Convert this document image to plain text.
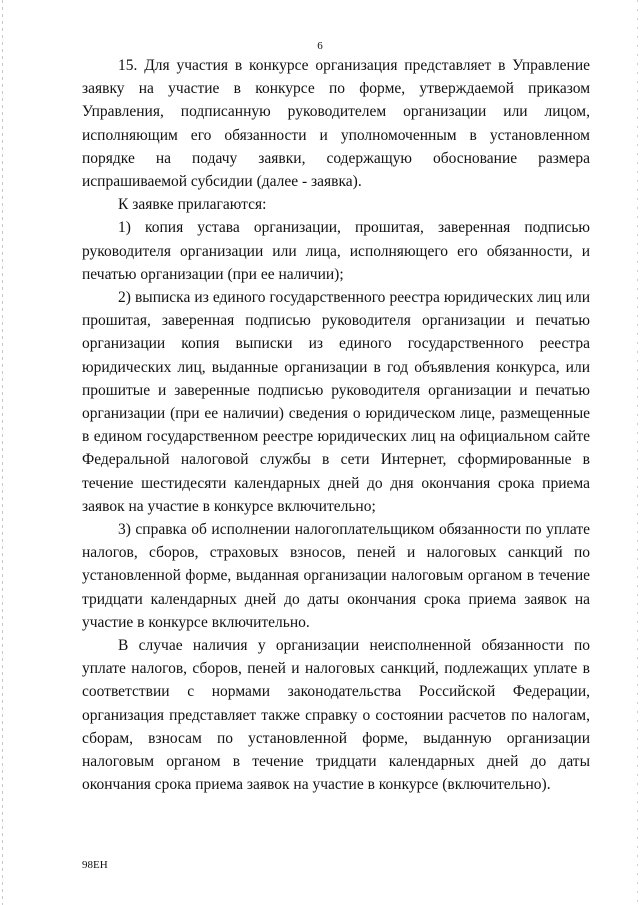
6

15. Для участия в конкурсе организация представляет в Управление заявку на участие в конкурсе по форме, утверждаемой приказом Управления, подписанную руководителем организации или лицом, исполняющим его обязанности и уполномоченным в установленном порядке на подачу заявки, содержащую обоснование размера испрашиваемой субсидии (далее - заявка).

К заявке прилагаются:

1) копия устава организации, прошитая, заверенная подписью руководителя организации или лица, исполняющего его обязанности, и печатью организации (при ее наличии);

2) выписка из единого государственного реестра юридических лиц или прошитая, заверенная подписью руководителя организации и печатью организации копия выписки из единого государственного реестра юридических лиц, выданные организации в год объявления конкурса, или прошитые и заверенные подписью руководителя организации и печатью организации (при ее наличии) сведения о юридическом лице, размещенные в едином государственном реестре юридических лиц на официальном сайте Федеральной налоговой службы в сети Интернет, сформированные в течение шестидесяти календарных дней до дня окончания срока приема заявок на участие в конкурсе включительно;

3) справка об исполнении налогоплательщиком обязанности по уплате налогов, сборов, страховых взносов, пеней и налоговых санкций по установленной форме, выданная организации налоговым органом в течение тридцати календарных дней до даты окончания срока приема заявок на участие в конкурсе включительно.

В случае наличия у организации неисполненной обязанности по уплате налогов, сборов, пеней и налоговых санкций, подлежащих уплате в соответствии с нормами законодательства Российской Федерации, организация представляет также справку о состоянии расчетов по налогам, сборам, взносам по установленной форме, выданную организации налоговым органом в течение тридцати календарных дней до даты окончания срока приема заявок на участие в конкурсе (включительно).

98ЕН
